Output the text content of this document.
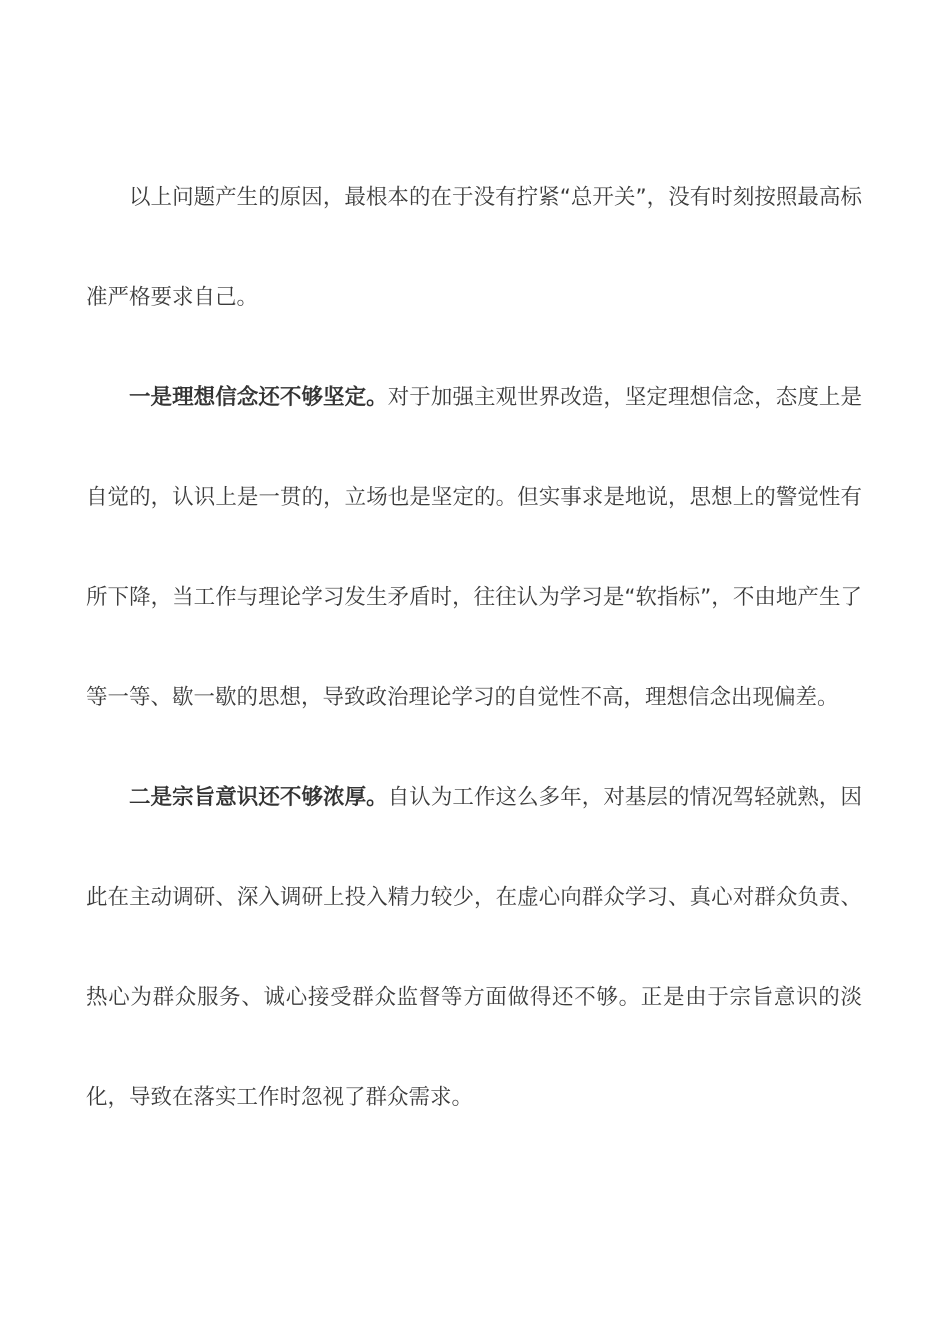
以上问题产生的原因，最根本的在于没有拧紧“总开关”，没有时刻按照最高标准严格要求自己。

一是理想信念还不够坚定。对于加强主观世界改造，坚定理想信念，态度上是自觉的，认识上是一贯的，立场也是坚定的。但实事求是地说，思想上的警觉性有所下降，当工作与理论学习发生矛盾时，往往认为学习是“软指标”，不由地产生了等一等、歇一歇的思想，导致政治理论学习的自觉性不高，理想信念出现偏差。

二是宗旨意识还不够浓厚。自认为工作这么多年，对基层的情况驾轻就熟，因此在主动调研、深入调研上投入精力较少，在虚心向群众学习、真心对群众负责、热心为群众服务、诚心接受群众监督等方面做得还不够。正是由于宗旨意识的淡化，导致在落实工作时忽视了群众需求。
